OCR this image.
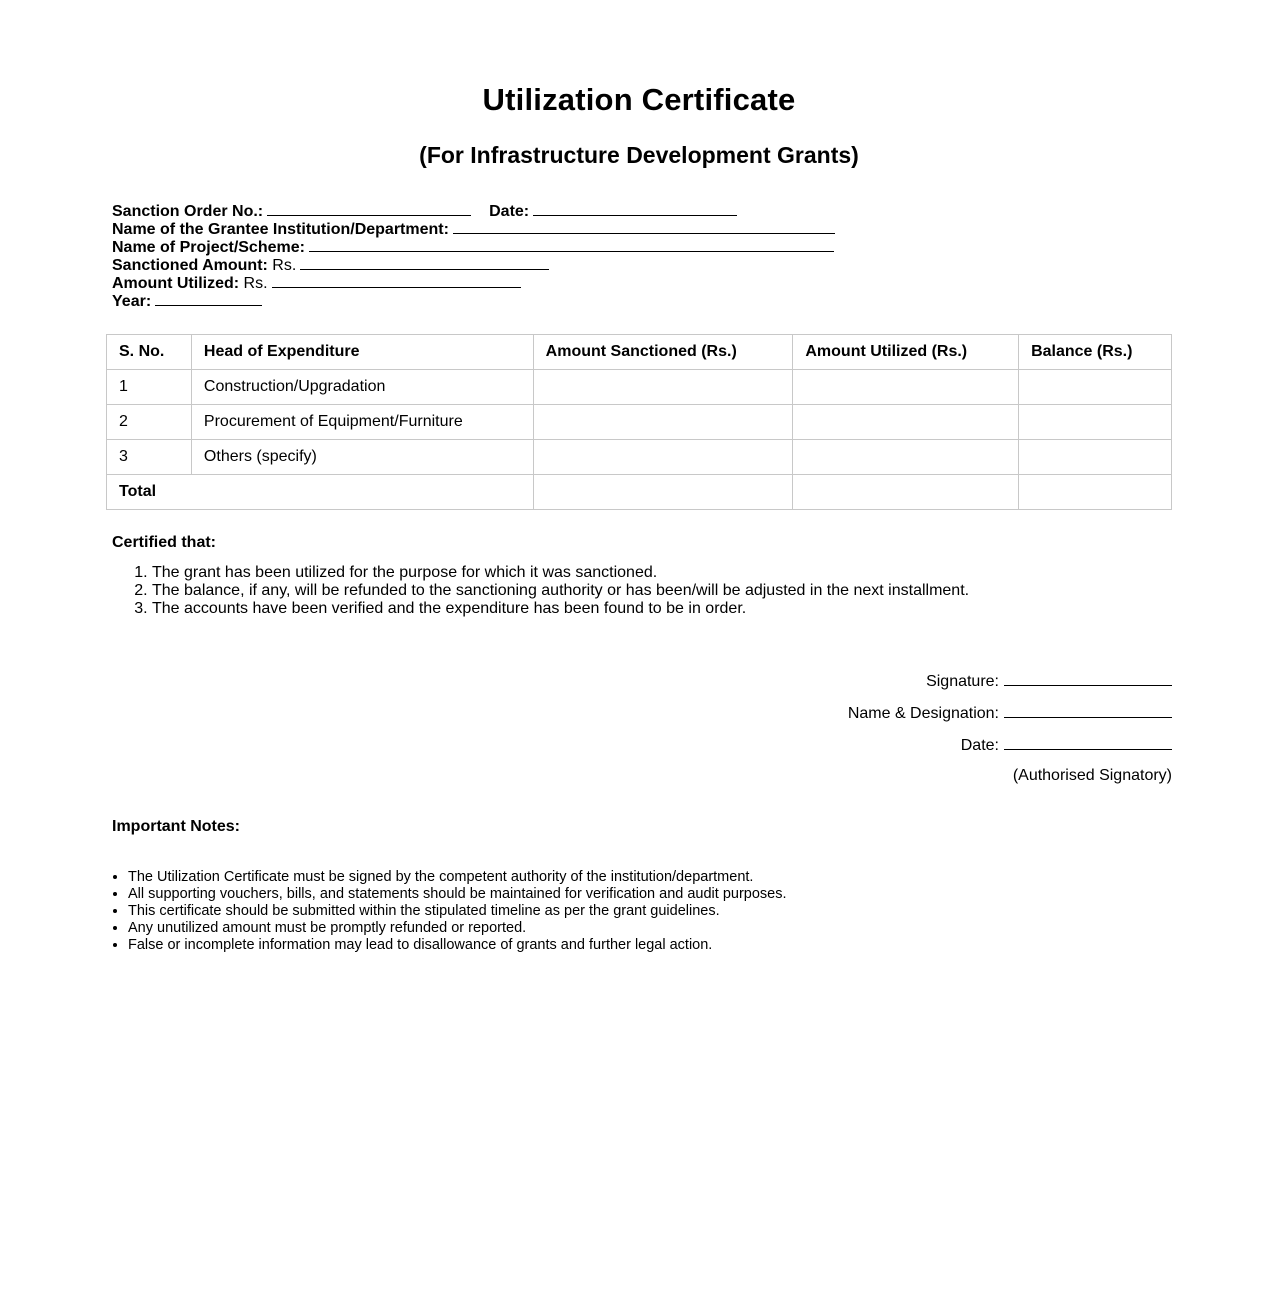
Utilization Certificate
(For Infrastructure Development Grants)
Sanction Order No.:	Date:
Name of the Grantee Institution/Department:
Name of Project/Scheme:
Sanctioned Amount: Rs.
Amount Utilized: Rs.
Year:
S. No.	Head of Expenditure	Amount Sanctioned (Rs.)	Amount Utilized (Rs.)	Balance (Rs.)
1	Construction/Upgradation			
2	Procurement of Equipment/Furniture			
3	Others (specify)			
Total				
Certified that:
1. The grant has been utilized for the purpose for which it was sanctioned.
2. The balance, if any, will be refunded to the sanctioning authority or has been/will be adjusted in the next installment.
3. The accounts have been verified and the expenditure has been found to be in order.
Signature:
Name & Designation:
Date:
(Authorised Signatory)
Important Notes:
• The Utilization Certificate must be signed by the competent authority of the institution/department.
• All supporting vouchers, bills, and statements should be maintained for verification and audit purposes.
• This certificate should be submitted within the stipulated timeline as per the grant guidelines.
• Any unutilized amount must be promptly refunded or reported.
• False or incomplete information may lead to disallowance of grants and further legal action.
